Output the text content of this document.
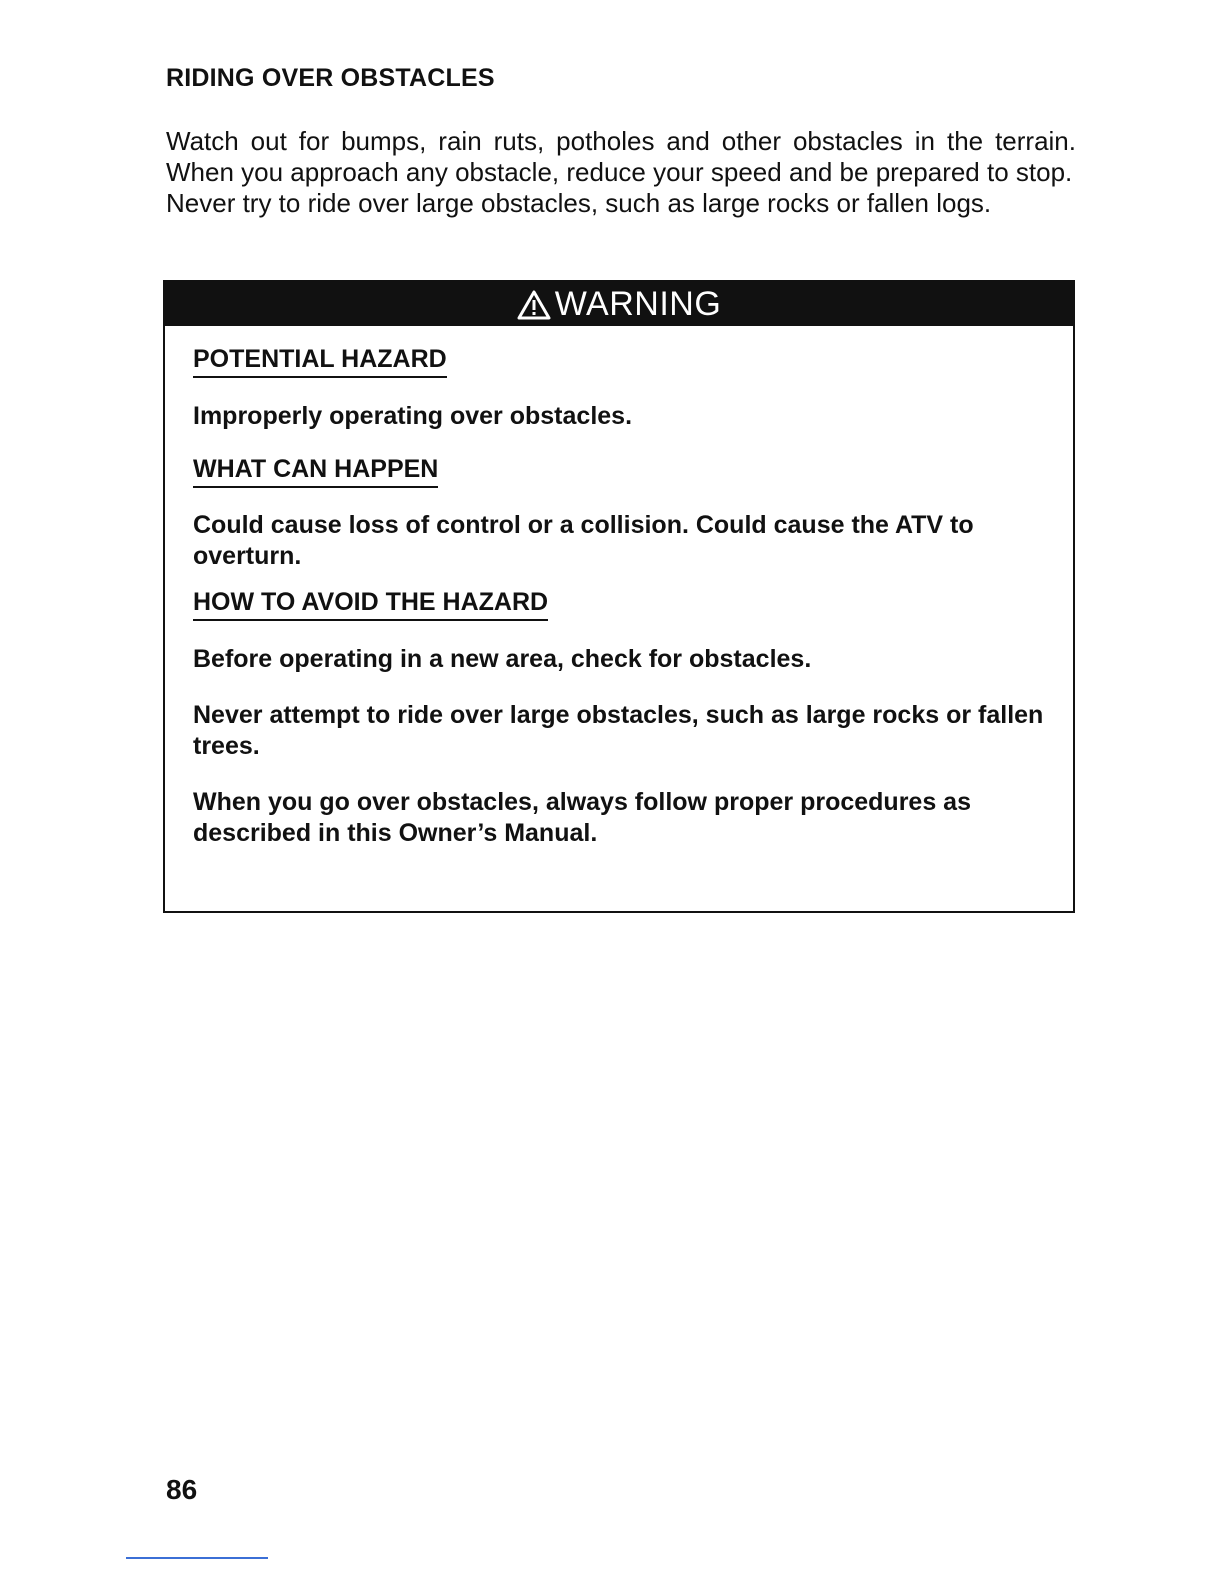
RIDING OVER OBSTACLES

Watch out for bumps, rain ruts, potholes and other obstacles in the terrain. When you approach any obstacle, reduce your speed and be prepared to stop.

Never try to ride over large obstacles, such as large rocks or fallen logs.

WARNING
POTENTIAL HAZARD

Improperly operating over obstacles.

WHAT CAN HAPPEN

Could cause loss of control or a collision. Could cause the ATV to overturn.

HOW TO AVOID THE HAZARD

Before operating in a new area, check for obstacles.

Never attempt to ride over large obstacles, such as large rocks or fallen trees.

When you go over obstacles, always follow proper procedures as described in this Owner’s Manual.

86
